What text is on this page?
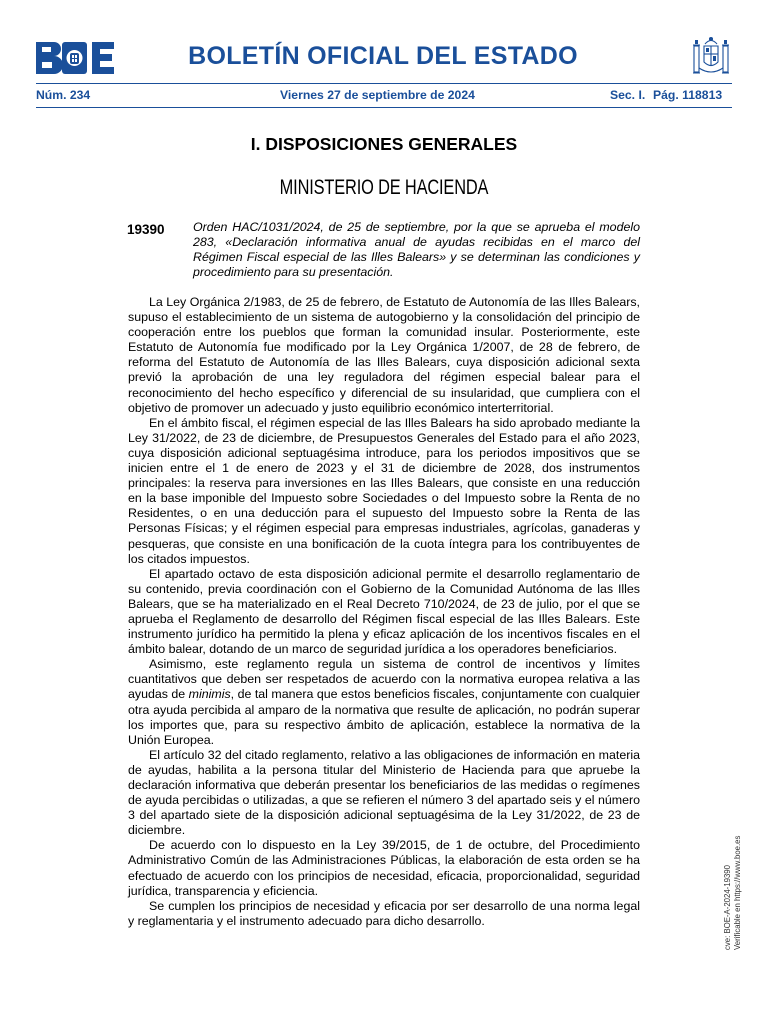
BOLETÍN OFICIAL DEL ESTADO
Núm. 234	Viernes 27 de septiembre de 2024	Sec. I. Pág. 118813
I. DISPOSICIONES GENERALES
MINISTERIO DE HACIENDA
19390 Orden HAC/1031/2024, de 25 de septiembre, por la que se aprueba el modelo 283, «Declaración informativa anual de ayudas recibidas en el marco del Régimen Fiscal especial de las Illes Balears» y se determinan las condiciones y procedimiento para su presentación.

La Ley Orgánica 2/1983, de 25 de febrero, de Estatuto de Autonomía de las Illes Balears, supuso el establecimiento de un sistema de autogobierno y la consolidación del principio de cooperación entre los pueblos que forman la comunidad insular. Posteriormente, este Estatuto de Autonomía fue modificado por la Ley Orgánica 1/2007, de 28 de febrero, de reforma del Estatuto de Autonomía de las Illes Balears, cuya disposición adicional sexta previó la aprobación de una ley reguladora del régimen especial balear para el reconocimiento del hecho específico y diferencial de su insularidad, que cumpliera con el objetivo de promover un adecuado y justo equilibrio económico interterritorial.

En el ámbito fiscal, el régimen especial de las Illes Balears ha sido aprobado mediante la Ley 31/2022, de 23 de diciembre, de Presupuestos Generales del Estado para el año 2023, cuya disposición adicional septuagésima introduce, para los periodos impositivos que se inicien entre el 1 de enero de 2023 y el 31 de diciembre de 2028, dos instrumentos principales: la reserva para inversiones en las Illes Balears, que consiste en una reducción en la base imponible del Impuesto sobre Sociedades o del Impuesto sobre la Renta de no Residentes, o en una deducción para el supuesto del Impuesto sobre la Renta de las Personas Físicas; y el régimen especial para empresas industriales, agrícolas, ganaderas y pesqueras, que consiste en una bonificación de la cuota íntegra para los contribuyentes de los citados impuestos.

El apartado octavo de esta disposición adicional permite el desarrollo reglamentario de su contenido, previa coordinación con el Gobierno de la Comunidad Autónoma de las Illes Balears, que se ha materializado en el Real Decreto 710/2024, de 23 de julio, por el que se aprueba el Reglamento de desarrollo del Régimen fiscal especial de las Illes Balears. Este instrumento jurídico ha permitido la plena y eficaz aplicación de los incentivos fiscales en el ámbito balear, dotando de un marco de seguridad jurídica a los operadores beneficiarios.

Asimismo, este reglamento regula un sistema de control de incentivos y límites cuantitativos que deben ser respetados de acuerdo con la normativa europea relativa a las ayudas de minimis, de tal manera que estos beneficios fiscales, conjuntamente con cualquier otra ayuda percibida al amparo de la normativa que resulte de aplicación, no podrán superar los importes que, para su respectivo ámbito de aplicación, establece la normativa de la Unión Europea.

El artículo 32 del citado reglamento, relativo a las obligaciones de información en materia de ayudas, habilita a la persona titular del Ministerio de Hacienda para que apruebe la declaración informativa que deberán presentar los beneficiarios de las medidas o regímenes de ayuda percibidas o utilizadas, a que se refieren el número 3 del apartado seis y el número 3 del apartado siete de la disposición adicional septuagésima de la Ley 31/2022, de 23 de diciembre.

De acuerdo con lo dispuesto en la Ley 39/2015, de 1 de octubre, del Procedimiento Administrativo Común de las Administraciones Públicas, la elaboración de esta orden se ha efectuado de acuerdo con los principios de necesidad, eficacia, proporcionalidad, seguridad jurídica, transparencia y eficiencia.

Se cumplen los principios de necesidad y eficacia por ser desarrollo de una norma legal y reglamentaria y el instrumento adecuado para dicho desarrollo.	cve: BOE-A-2024-19390 Verificable en https://www.boe.es
